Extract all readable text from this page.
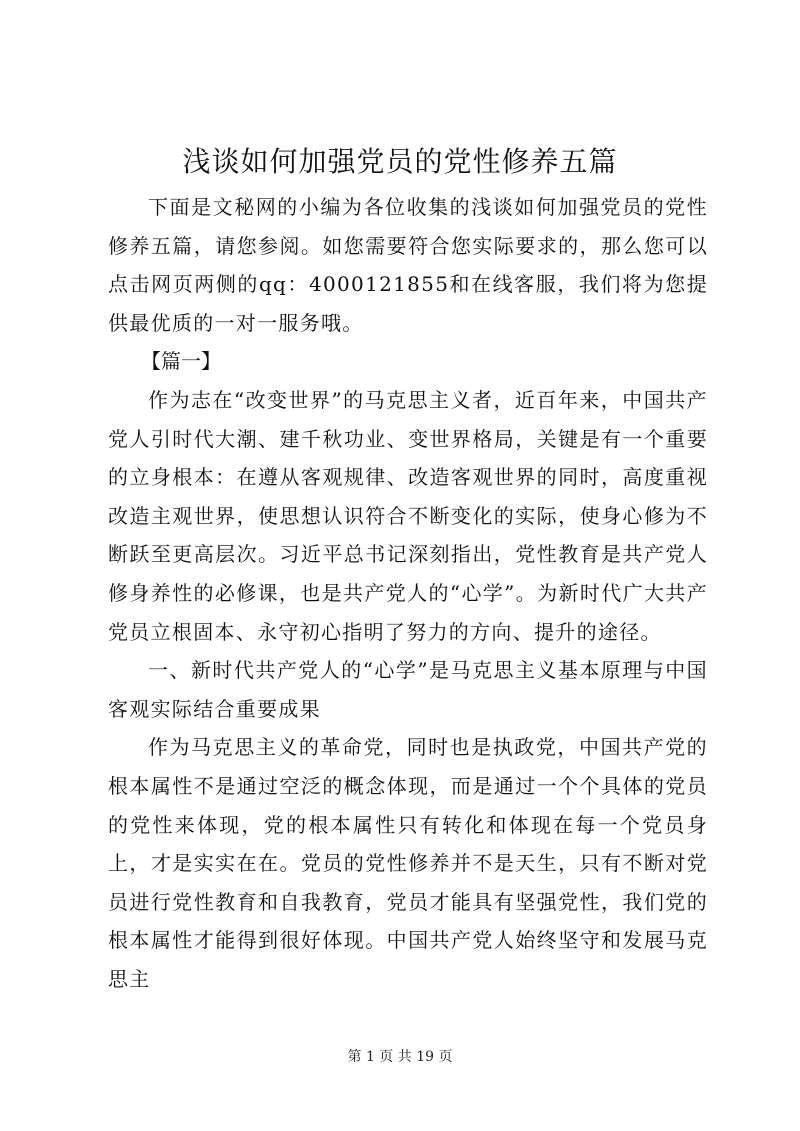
浅谈如何加强党员的党性修养五篇

下面是文秘网的小编为各位收集的浅谈如何加强党员的党性修养五篇，请您参阅。如您需要符合您实际要求的，那么您可以点击网页两侧的qq：4000121855和在线客服，我们将为您提供最优质的一对一服务哦。

【篇一】

作为志在“改变世界”的马克思主义者，近百年来，中国共产党人引时代大潮、建千秋功业、变世界格局，关键是有一个重要的立身根本：在遵从客观规律、改造客观世界的同时，高度重视改造主观世界，使思想认识符合不断变化的实际，使身心修为不断跃至更高层次。习近平总书记深刻指出，党性教育是共产党人修身养性的必修课，也是共产党人的“心学”。为新时代广大共产党员立根固本、永守初心指明了努力的方向、提升的途径。

一、新时代共产党人的“心学”是马克思主义基本原理与中国客观实际结合重要成果

作为马克思主义的革命党，同时也是执政党，中国共产党的根本属性不是通过空泛的概念体现，而是通过一个个具体的党员的党性来体现，党的根本属性只有转化和体现在每一个党员身上，才是实实在在。党员的党性修养并不是天生，只有不断对党员进行党性教育和自我教育，党员才能具有坚强党性，我们党的根本属性才能得到很好体现。中国共产党人始终坚守和发展马克思主

第 1 页 共 19 页
